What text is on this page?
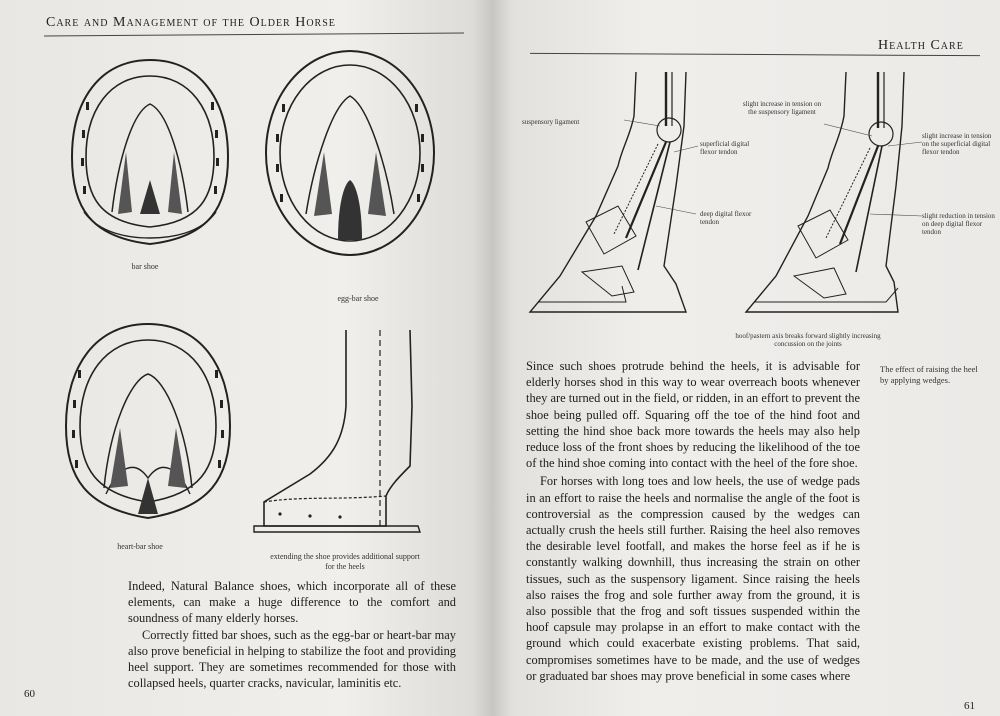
Care and Management of the Older Horse
bar shoe
egg-bar shoe
heart-bar shoe
extending the shoe provides additional support for the heels

Indeed, Natural Balance shoes, which incorporate all of these elements, can make a huge difference to the comfort and soundness of many elderly horses.

Correctly fitted bar shoes, such as the egg-bar or heart-bar may also prove beneficial in helping to stabilize the foot and providing heel support. They are sometimes recommended for those with collapsed heels, quarter cracks, navicular, laminitis etc.

60
Health Care
suspensory ligament
superficial digital flexor tendon
deep digital flexor tendon
slight increase in tension on the suspensory ligament
slight increase in tension on the superficial digital flexor tendon
slight reduction in tension on deep digital flexor tendon
hoof/pastern axis breaks forward slightly increasing concussion on the joints
The effect of raising the heel by applying wedges.

Since such shoes protrude behind the heels, it is advisable for elderly horses shod in this way to wear overreach boots whenever they are turned out in the field, or ridden, in an effort to prevent the shoe being pulled off. Squaring off the toe of the hind foot and setting the hind shoe back more towards the heels may also help reduce loss of the front shoes by reducing the likelihood of the toe of the hind shoe coming into contact with the heel of the fore shoe.

For horses with long toes and low heels, the use of wedge pads in an effort to raise the heels and normalise the angle of the foot is controversial as the compression caused by the wedges can actually crush the heels still further. Raising the heel also removes the desirable level footfall, and makes the horse feel as if he is constantly walking downhill, thus increasing the strain on other tissues, such as the suspensory ligament. Since raising the heels also raises the frog and sole further away from the ground, it is also possible that the frog and soft tissues suspended within the hoof capsule may prolapse in an effort to make contact with the ground which could exacerbate existing problems. That said, compromises sometimes have to be made, and the use of wedges or graduated bar shoes may prove beneficial in some cases where

61
